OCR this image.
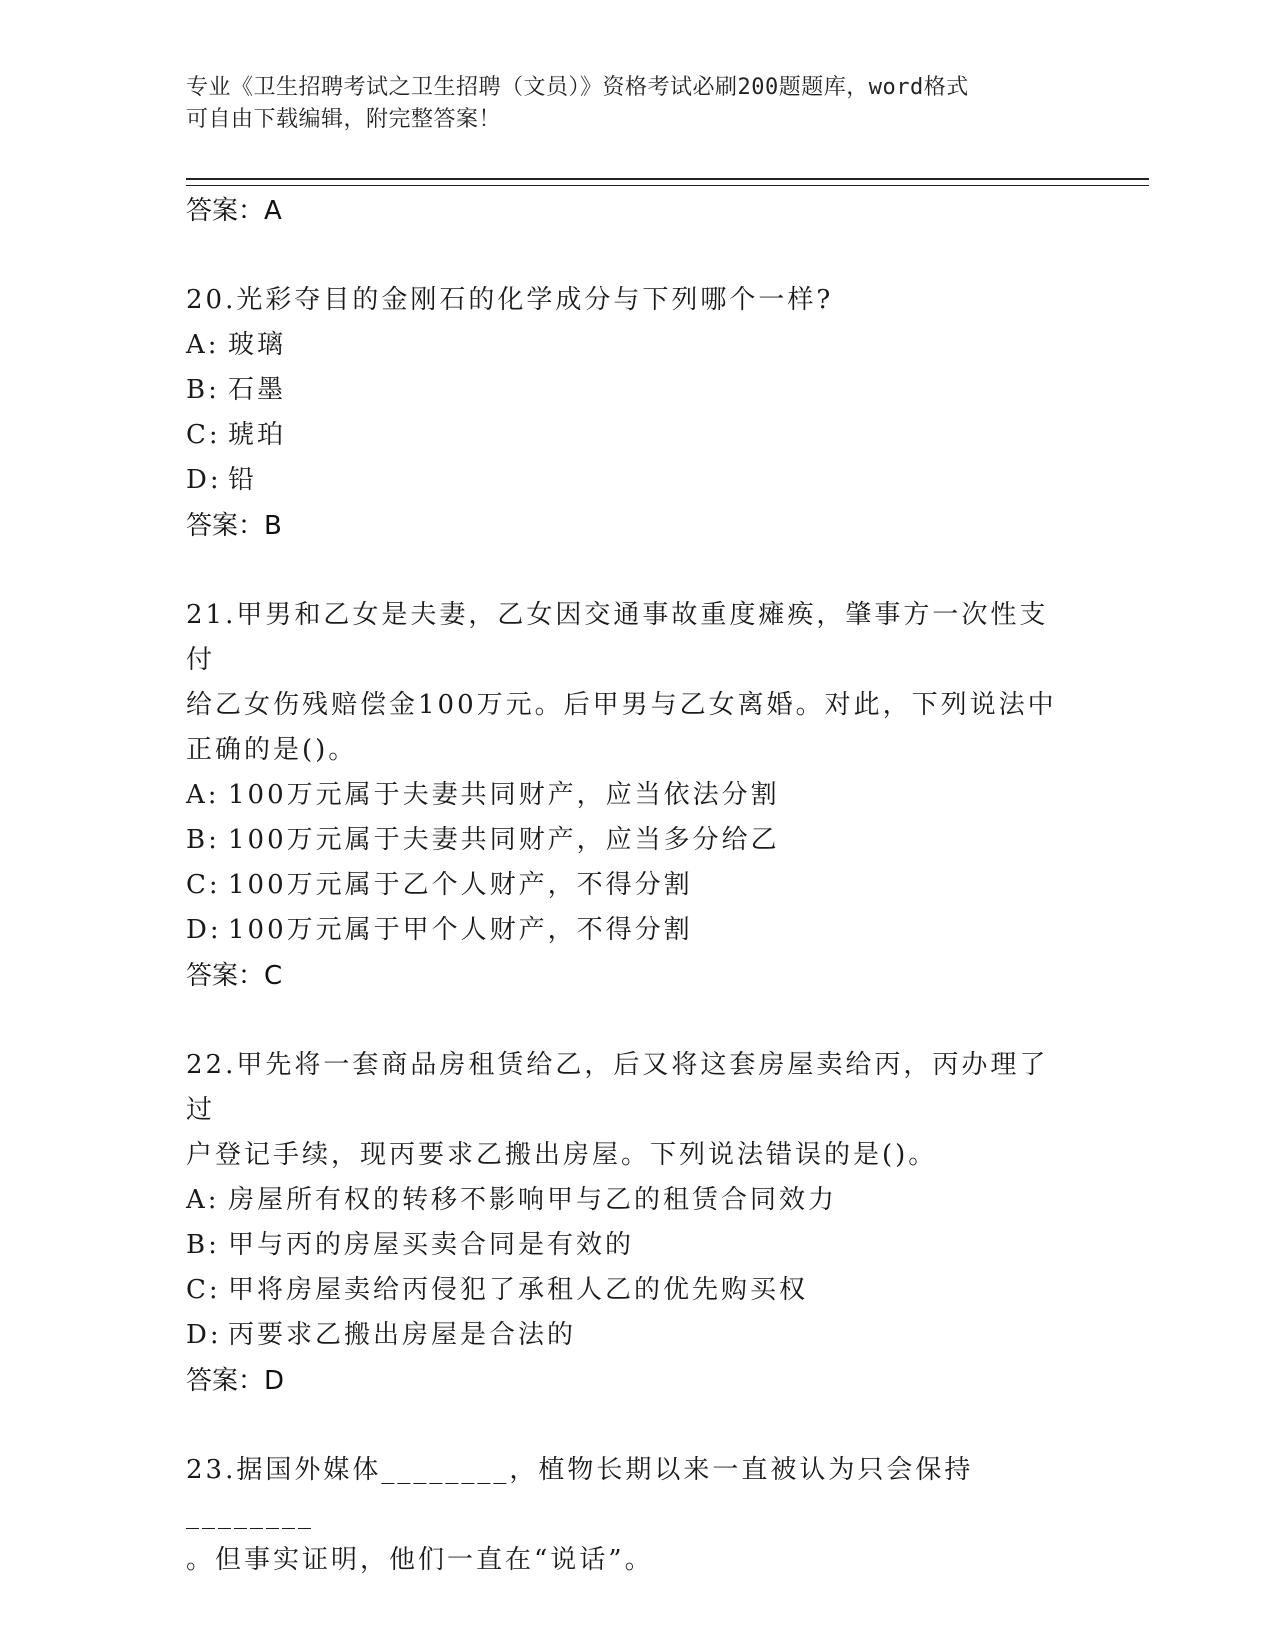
专业《卫生招聘考试之卫生招聘（文员）》资格考试必刷200题题库，word格式
可自由下载编辑，附完整答案！
答案：A
20.光彩夺目的金刚石的化学成分与下列哪个一样?
A: 玻璃
B: 石墨
C: 琥珀
D: 铅
答案：B
21.甲男和乙女是夫妻，乙女因交通事故重度瘫痪，肇事方一次性支付
给乙女伤残赔偿金100万元。后甲男与乙女离婚。对此，下列说法中
正确的是()。
A: 100万元属于夫妻共同财产，应当依法分割
B: 100万元属于夫妻共同财产，应当多分给乙
C: 100万元属于乙个人财产，不得分割
D: 100万元属于甲个人财产，不得分割
答案：C
22.甲先将一套商品房租赁给乙，后又将这套房屋卖给丙，丙办理了过
户登记手续，现丙要求乙搬出房屋。下列说法错误的是()。
A: 房屋所有权的转移不影响甲与乙的租赁合同效力
B: 甲与丙的房屋买卖合同是有效的
C: 甲将房屋卖给丙侵犯了承租人乙的优先购买权
D: 丙要求乙搬出房屋是合法的
答案：D
23.据国外媒体________，植物长期以来一直被认为只会保持________
。但事实证明，他们一直在“说话”。
